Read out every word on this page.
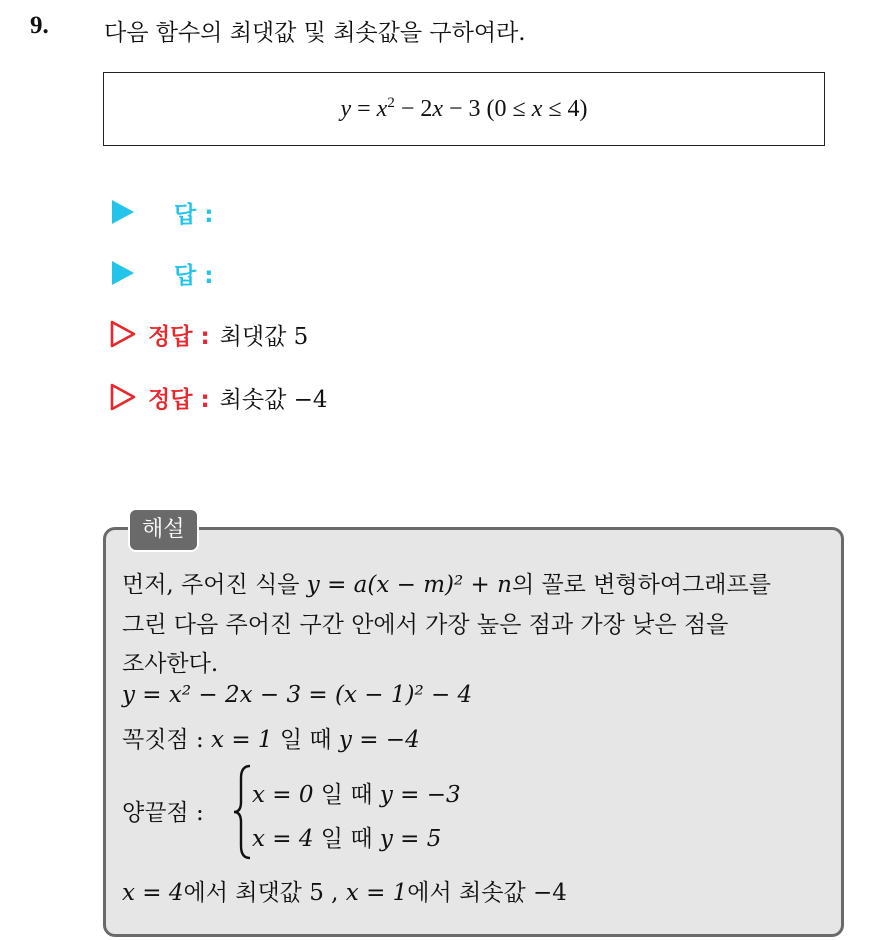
9. 다음 함수의 최댓값 및 최솟값을 구하여라.
$y = x^2 - 2x - 3$ (0 ≤ x ≤ 4)
답 :
답 :
정답 : 최댓값 5
정답 : 최솟값 −4
해설
먼저, 주어진 식을 y = a(x − m)² + n의 꼴로 변형하여그래프를
그린 다음 주어진 구간 안에서 가장 높은 점과 가장 낮은 점을
조사한다.
y = x² − 2x − 3 = (x − 1)² − 4
꼭짓점 : x = 1 일 때 y = −4
양끝점 :
x = 0 일 때 y = −3
x = 4 일 때 y = 5
x = 4에서 최댓값 5 , x = 1에서 최솟값 −4
